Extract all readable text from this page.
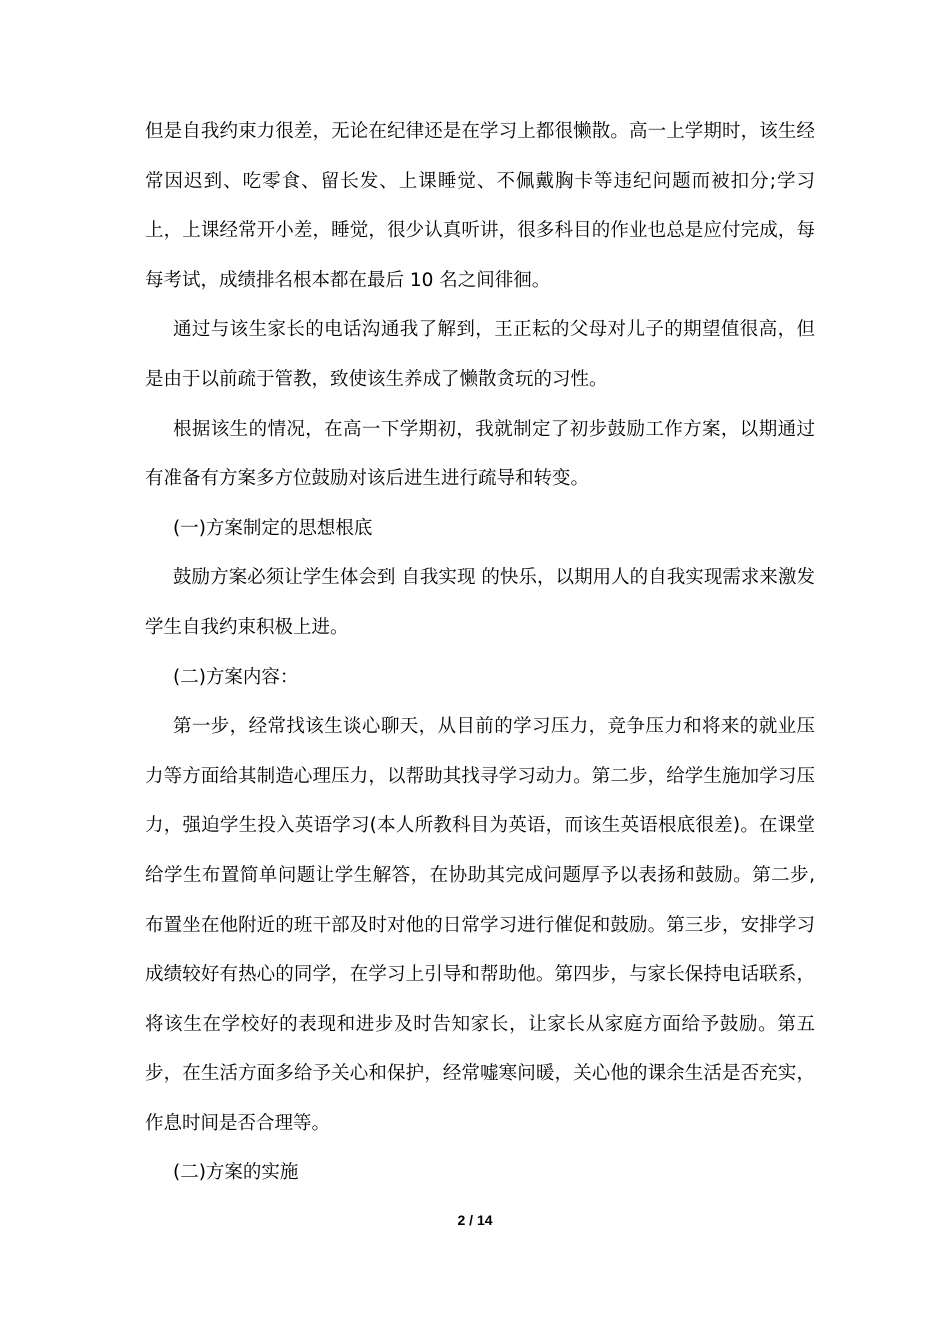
但是自我约束力很差，无论在纪律还是在学习上都很懒散。高一上学期时，该生经常因迟到、吃零食、留长发、上课睡觉、不佩戴胸卡等违纪问题而被扣分;学习上，上课经常开小差，睡觉，很少认真听讲，很多科目的作业也总是应付完成，每每考试，成绩排名根本都在最后 10 名之间徘徊。

通过与该生家长的电话沟通我了解到，王正耘的父母对儿子的期望值很高，但是由于以前疏于管教，致使该生养成了懒散贪玩的习性。

根据该生的情况，在高一下学期初，我就制定了初步鼓励工作方案，以期通过有准备有方案多方位鼓励对该后进生进行疏导和转变。

(一)方案制定的思想根底

鼓励方案必须让学生体会到 自我实现 的快乐，以期用人的自我实现需求来激发学生自我约束积极上进。

(二)方案内容：

第一步，经常找该生谈心聊天，从目前的学习压力，竞争压力和将来的就业压力等方面给其制造心理压力，以帮助其找寻学习动力。第二步，给学生施加学习压力，强迫学生投入英语学习(本人所教科目为英语，而该生英语根底很差)。在课堂给学生布置简单问题让学生解答，在协助其完成问题厚予以表扬和鼓励。第二步, 布置坐在他附近的班干部及时对他的日常学习进行催促和鼓励。第三步，安排学习成绩较好有热心的同学，在学习上引导和帮助他。第四步，与家长保持电话联系，将该生在学校好的表现和进步及时告知家长，让家长从家庭方面给予鼓励。第五步，在生活方面多给予关心和保护，经常嘘寒问暖，关心他的课余生活是否充实，作息时间是否合理等。

(二)方案的实施

2 / 14
